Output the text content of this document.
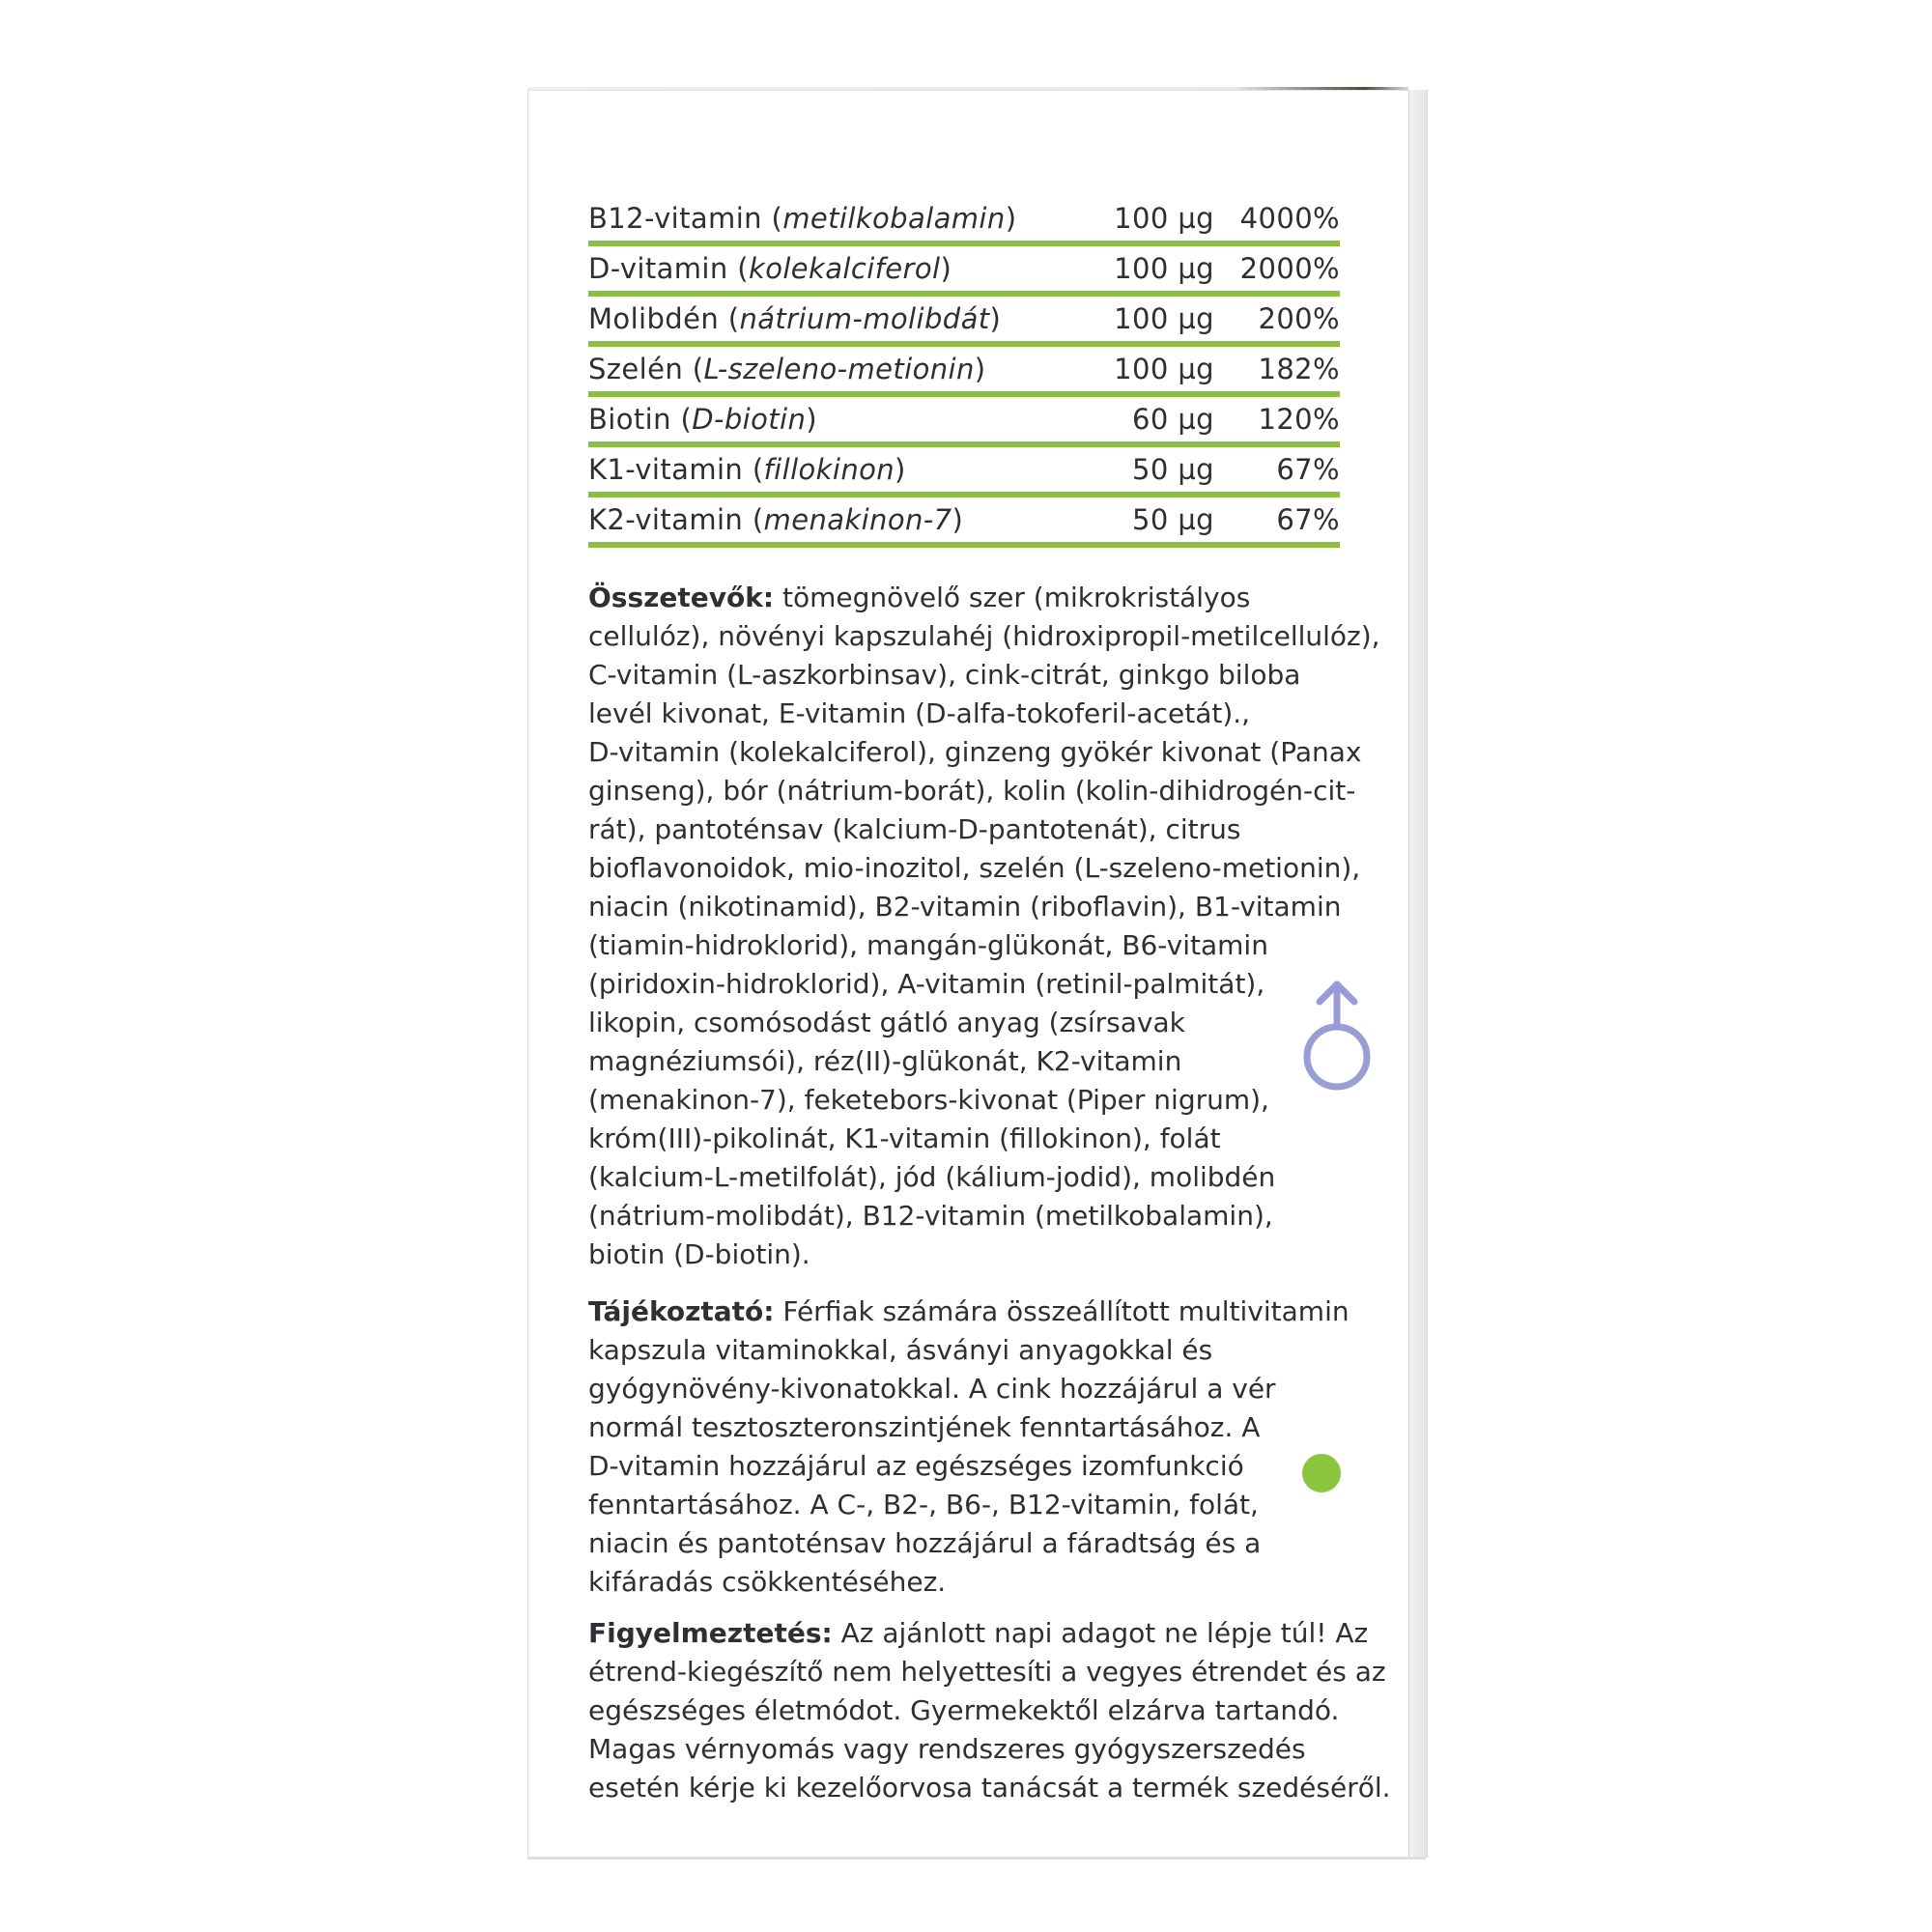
B12-vitamin (metilkobalamin)	100 µg 4000%
D-vitamin (kolekalciferol)	100 µg 2000%
Molibdén (nátrium-molibdát)	100 µg	200%
Szelén (L-szeleno-metionin)	100 µg	182%
Biotin (D-biotin)	60 µg	120%
K1-vitamin (fillokinon)	50 µg	67%
K2-vitamin (menakinon-7)	50 µg	67%
Összetevők: tömegnövelő szer (mikrokristályos
cellulóz), növényi kapszulahéj (hidroxipropil-metilcellulóz),
C-vitamin (L-aszkorbinsav), cink-citrát, ginkgo biloba
levél kivonat, E-vitamin (D-alfa-tokoferil-acetát).,
D-vitamin (kolekalciferol), ginzeng gyökér kivonat (Panax
ginseng), bór (nátrium-borát), kolin (kolin-dihidrogén-cit-
rát), pantoténsav (kalcium-D-pantotenát), citrus
bioflavonoidok, mio-inozitol, szelén (L-szeleno-metionin),
niacin (nikotinamid), B2-vitamin (riboflavin), B1-vitamin
(tiamin-hidroklorid), mangán-glükonát, B6-vitamin
(piridoxin-hidroklorid), A-vitamin (retinil-palmitát),
likopin, csomósodást gátló anyag (zsírsavak
magnéziumsói), réz(II)-glükonát, K2-vitamin
(menakinon-7), feketebors-kivonat (Piper nigrum),
króm(III)-pikolinát, K1-vitamin (fillokinon), folát
(kalcium-L-metilfolát), jód (kálium-jodid), molibdén
(nátrium-molibdát), B12-vitamin (metilkobalamin),
biotin (D-biotin).
Tájékoztató: Férfiak számára összeállított multivitamin
kapszula vitaminokkal, ásványi anyagokkal és
gyógynövény-kivonatokkal. A cink hozzájárul a vér
normál tesztoszteronszintjének fenntartásához. A
D-vitamin hozzájárul az egészséges izomfunkció
fenntartásához. A C-, B2-, B6-, B12-vitamin, folát,
niacin és pantoténsav hozzájárul a fáradtság és a
kifáradás csökkentéséhez.
Figyelmeztetés: Az ajánlott napi adagot ne lépje túl! Az
étrend-kiegészítő nem helyettesíti a vegyes étrendet és az
egészséges életmódot. Gyermekektől elzárva tartandó.
Magas vérnyomás vagy rendszeres gyógyszerszedés
esetén kérje ki kezelőorvosa tanácsát a termék szedéséről.
